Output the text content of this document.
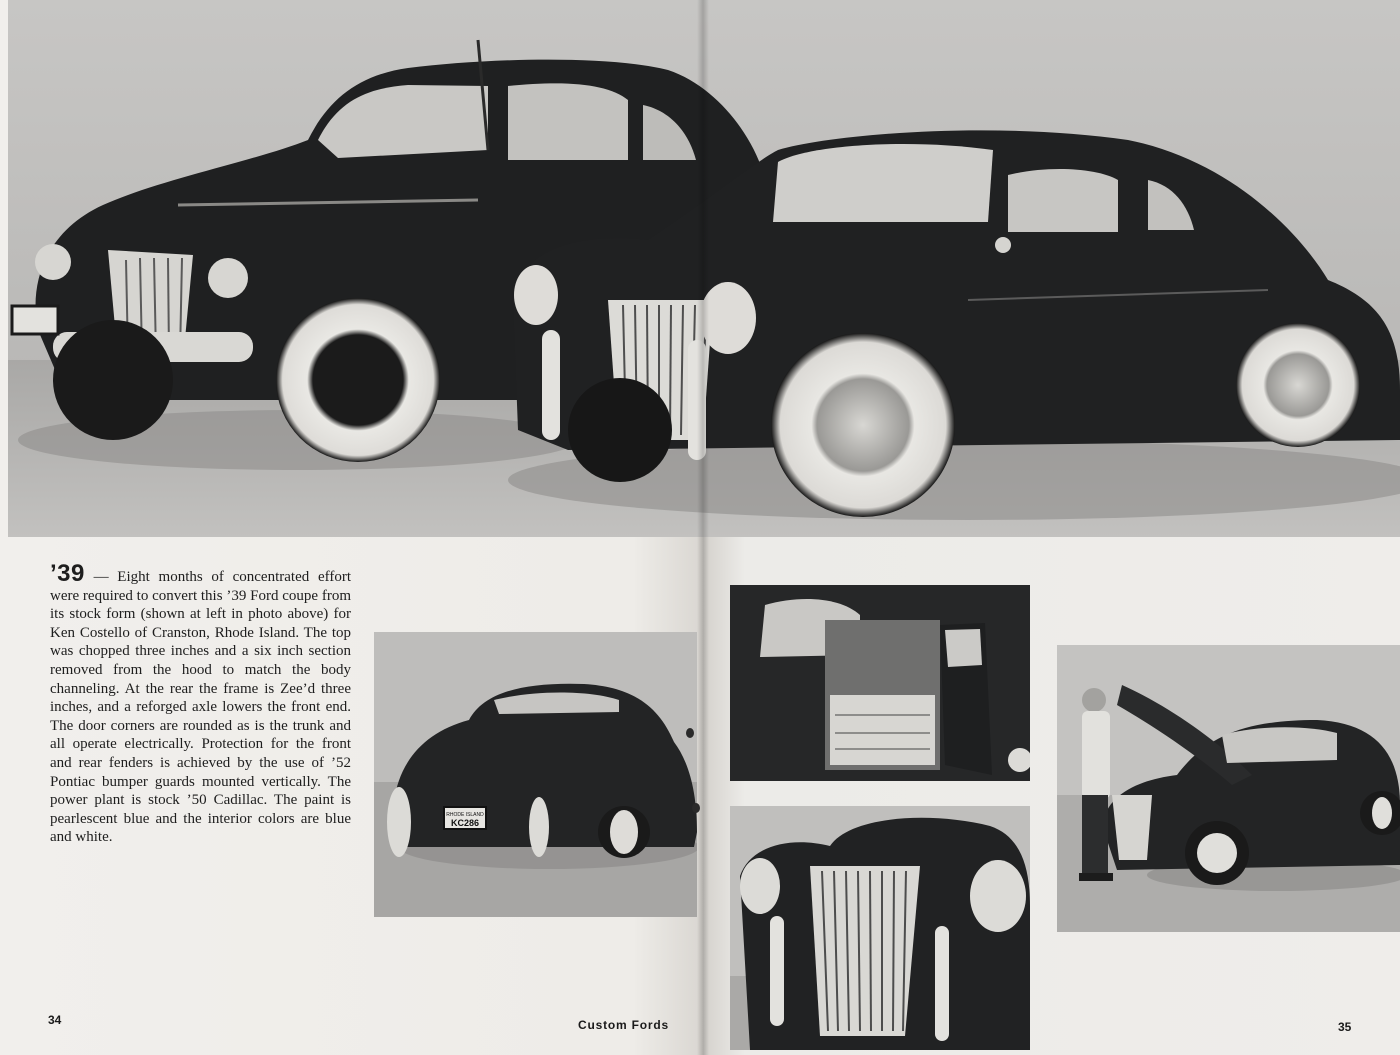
’39 — Eight months of concentrated effort were required to convert this ’39 Ford coupe from its stock form (shown at left in photo above) for Ken Costello of Cranston, Rhode Island. The top was chopped three inches and a six inch section removed from the hood to match the body channeling. At the rear the frame is Zee’d three inches, and a reforged axle lowers the front end. The door corners are rounded as is the trunk and all operate electrically. Protection for the front and rear fenders is achieved by the use of ’52 Pontiac bumper guards mounted vertically. The power plant is stock ’50 Cadillac. The paint is pearlescent blue and the interior colors are blue and white.
RHODE ISLAND
KC286
34	Custom Fords	35
